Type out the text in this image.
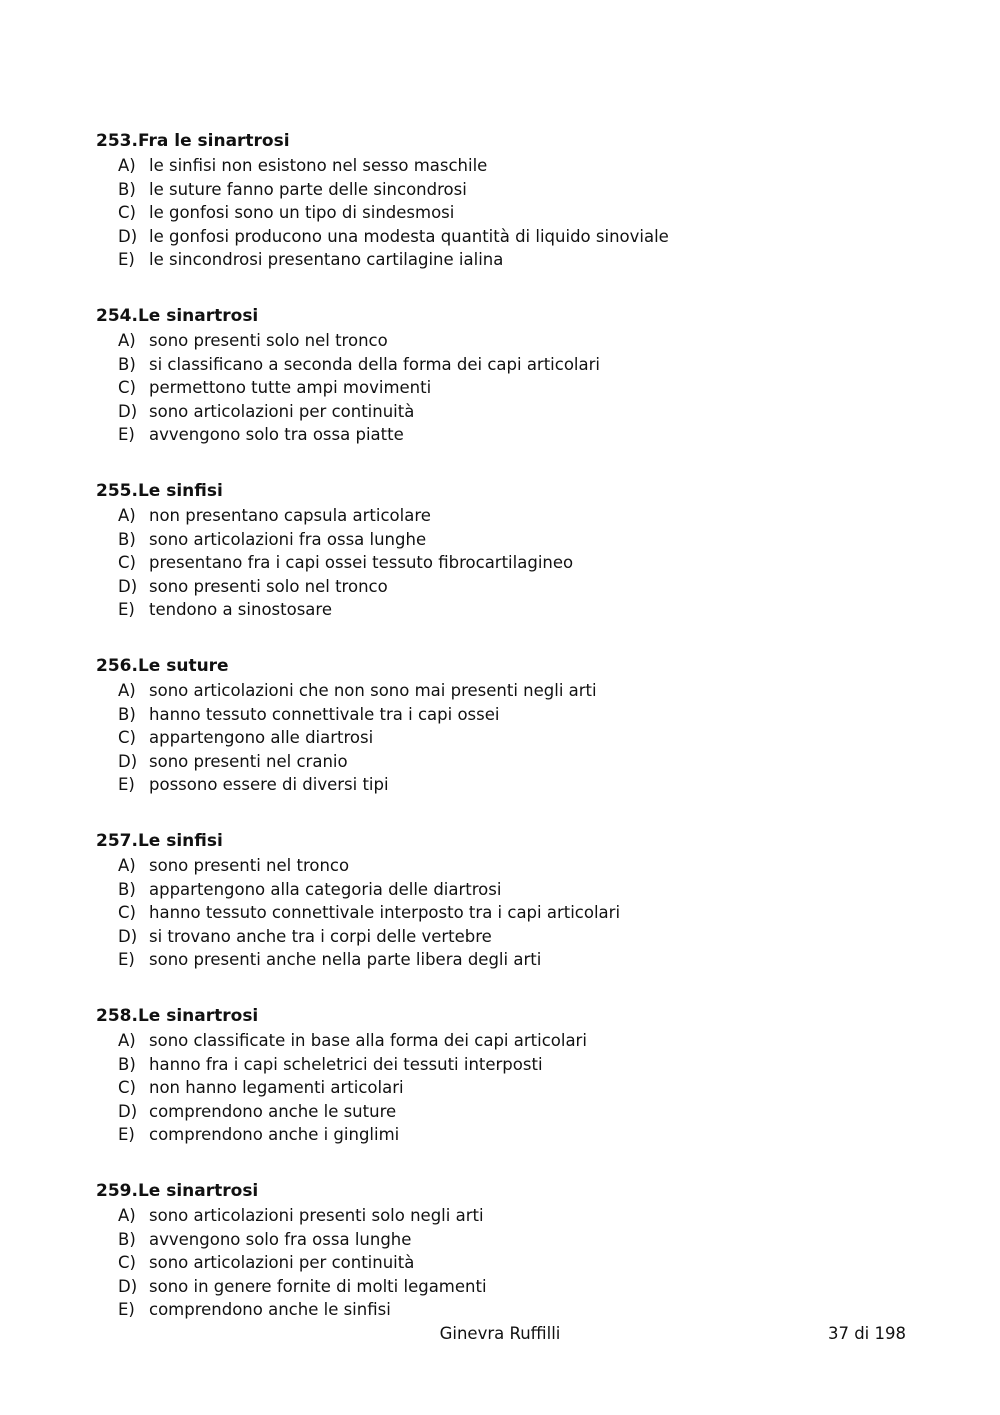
253.Fra le sinartrosi
A) le sinfisi non esistono nel sesso maschile
B) le suture fanno parte delle sincondrosi
C) le gonfosi sono un tipo di sindesmosi
D) le gonfosi producono una modesta quantità di liquido sinoviale
E) le sincondrosi presentano cartilagine ialina
254.Le sinartrosi
A) sono presenti solo nel tronco
B) si classificano a seconda della forma dei capi articolari
C) permettono tutte ampi movimenti
D) sono articolazioni per continuità
E) avvengono solo tra ossa piatte
255.Le sinfisi
A) non presentano capsula articolare
B) sono articolazioni fra ossa lunghe
C) presentano fra i capi ossei tessuto fibrocartilagineo
D) sono presenti solo nel tronco
E) tendono a sinostosare
256.Le suture
A) sono articolazioni che non sono mai presenti negli arti
B) hanno tessuto connettivale tra i capi ossei
C) appartengono alle diartrosi
D) sono presenti nel cranio
E) possono essere di diversi tipi
257.Le sinfisi
A) sono presenti nel tronco
B) appartengono alla categoria delle diartrosi
C) hanno tessuto connettivale interposto tra i capi articolari
D) si trovano anche tra i corpi delle vertebre
E) sono presenti anche nella parte libera degli arti
258.Le sinartrosi
A) sono classificate in base alla forma dei capi articolari
B) hanno fra i capi scheletrici dei tessuti interposti
C) non hanno legamenti articolari
D) comprendono anche le suture
E) comprendono anche i ginglimi
259.Le sinartrosi
A) sono articolazioni presenti solo negli arti
B) avvengono solo fra ossa lunghe
C) sono articolazioni per continuità
D) sono in genere fornite di molti legamenti
E) comprendono anche le sinfisi
Ginevra Ruffilli	37 di 198
